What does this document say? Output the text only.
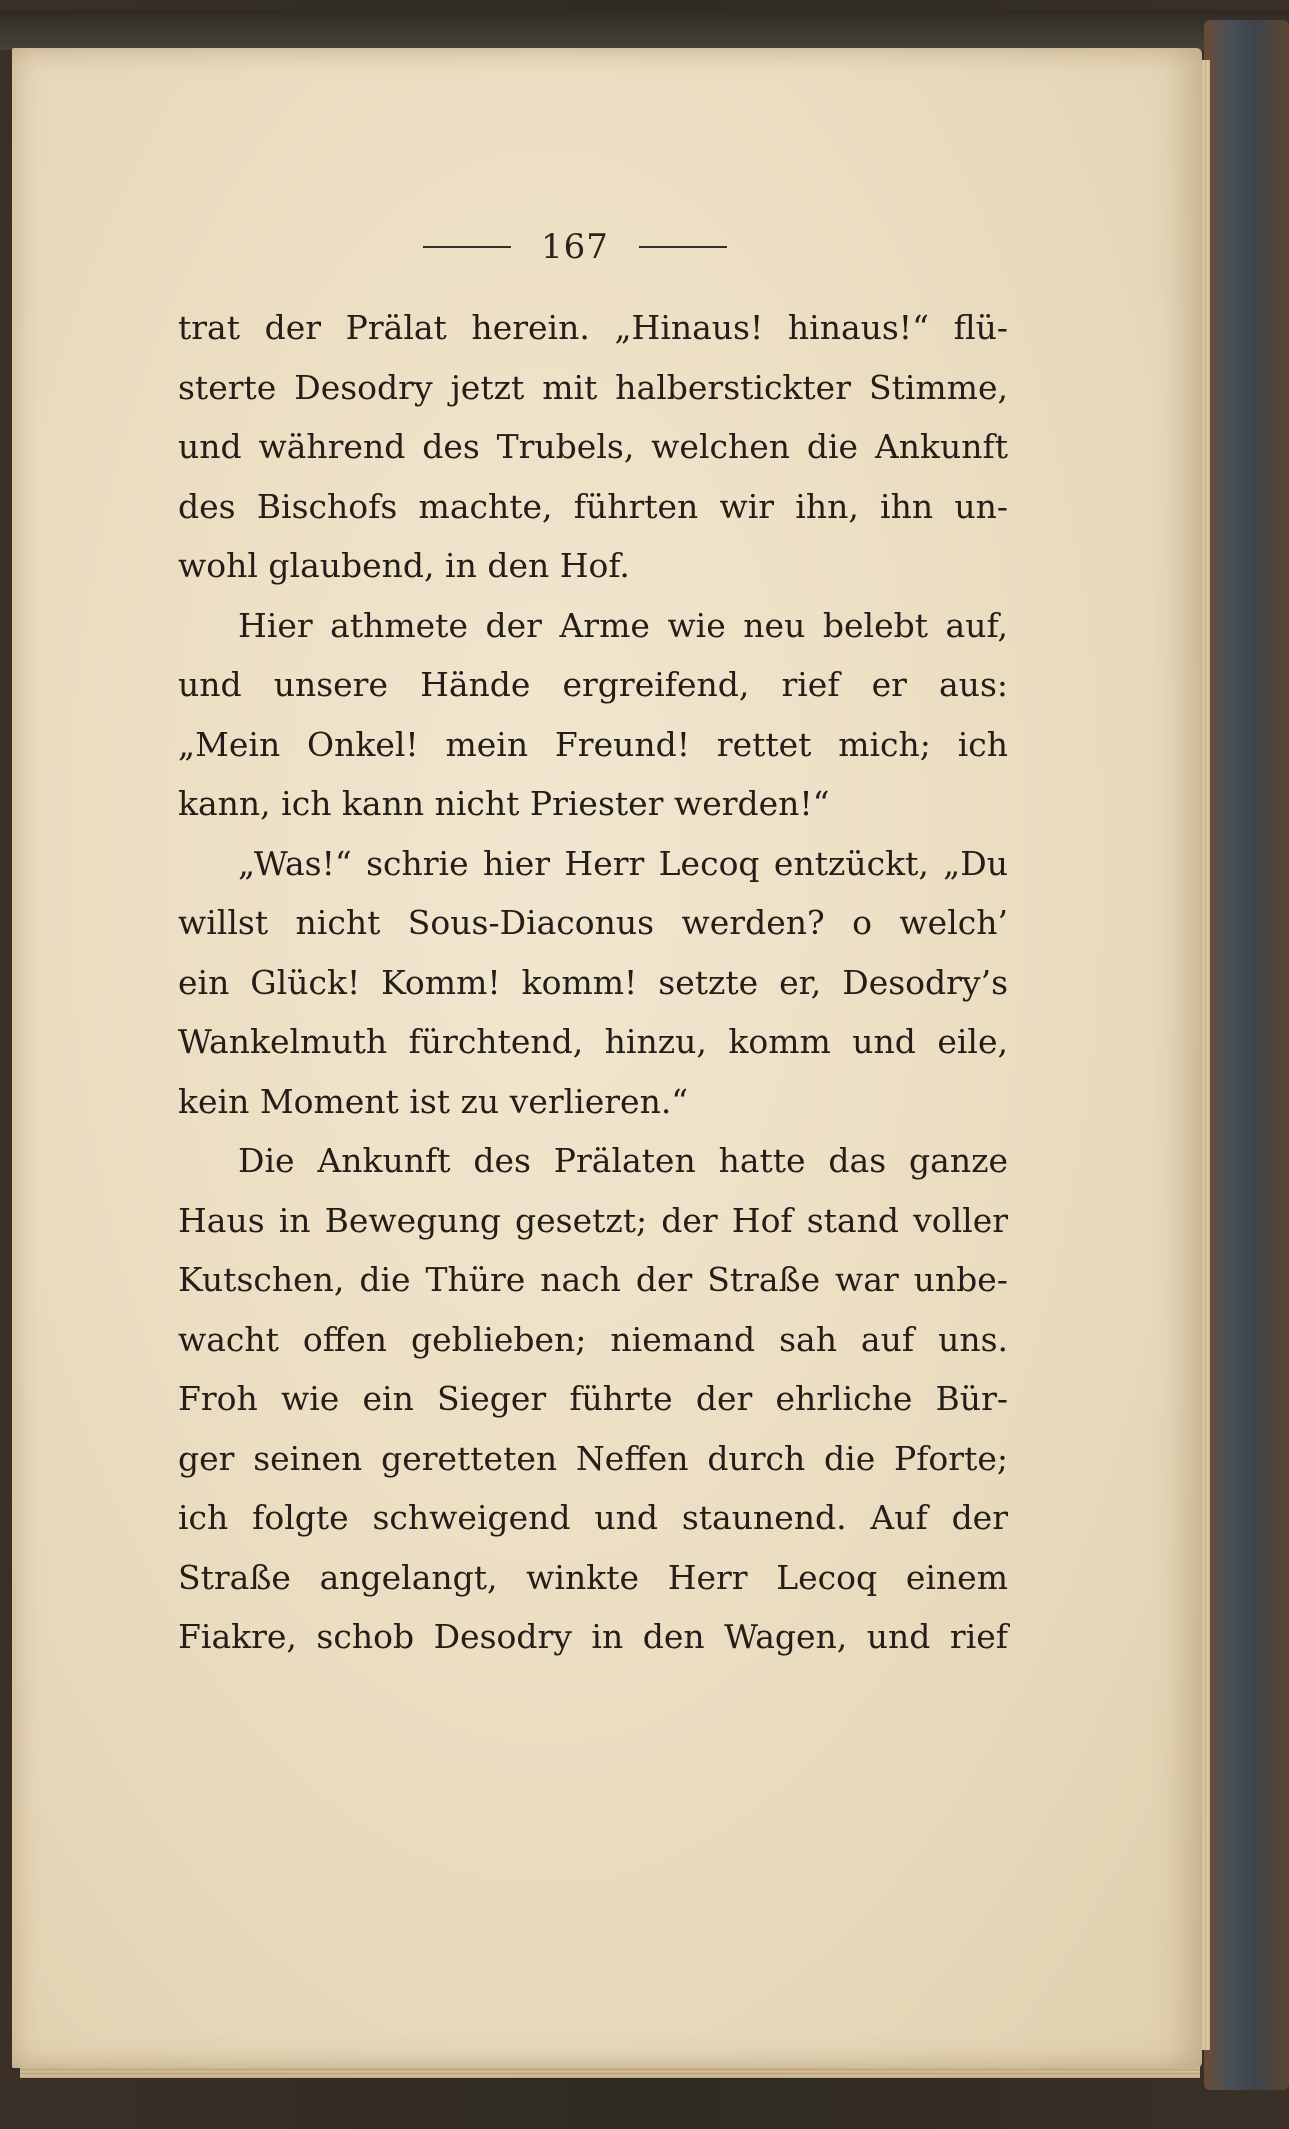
167
trat der Prälat herein. „Hinaus! hinaus!“ flü-
sterte Desodry jetzt mit halberstickter Stimme,
und während des Trubels, welchen die Ankunft
des Bischofs machte, führten wir ihn, ihn un-
wohl glaubend, in den Hof.
Hier athmete der Arme wie neu belebt auf,
und unsere Hände ergreifend, rief er aus:
„Mein Onkel! mein Freund! rettet mich; ich
kann, ich kann nicht Priester werden!“
„Was!“ schrie hier Herr Lecoq entzückt, „Du
willst nicht Sous-Diaconus werden? o welch’
ein Glück! Komm! komm! setzte er, Desodry’s
Wankelmuth fürchtend, hinzu, komm und eile,
kein Moment ist zu verlieren.“
Die Ankunft des Prälaten hatte das ganze
Haus in Bewegung gesetzt; der Hof stand voller
Kutschen, die Thüre nach der Straße war unbe-
wacht offen geblieben; niemand sah auf uns.
Froh wie ein Sieger führte der ehrliche Bür-
ger seinen geretteten Neffen durch die Pforte;
ich folgte schweigend und staunend. Auf der
Straße angelangt, winkte Herr Lecoq einem
Fiakre, schob Desodry in den Wagen, und rief
